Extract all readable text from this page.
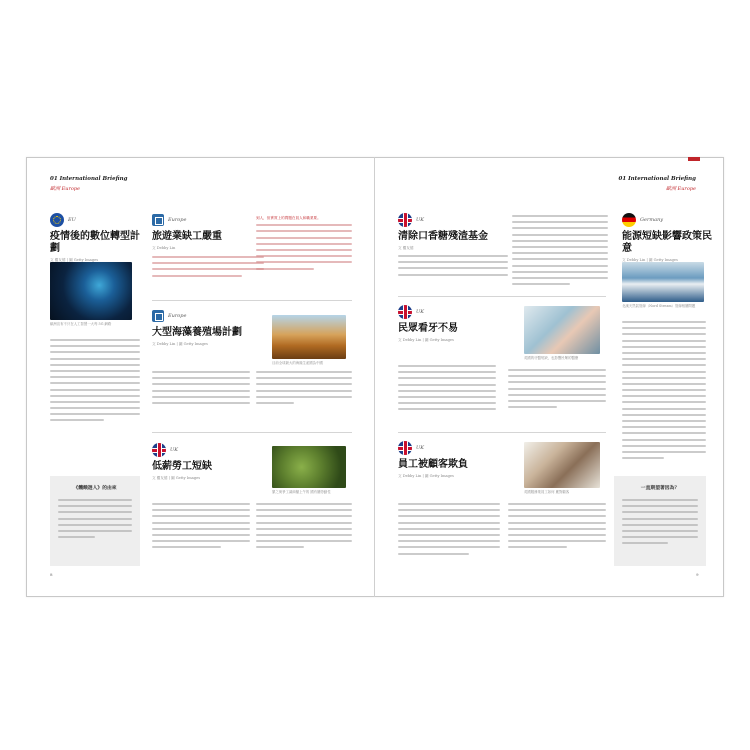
01 International Briefing
歐洲 Europe
01 International Briefing
歐洲 Europe
EU
疫情後的數位轉型計劃
文 羅友德 | 圖 Getty Images
歐洲宣布不只在人工智慧一大每 5G 網路
《饑餓遊人》的由來
Europe
旅遊業缺工嚴重
文 Debby Lin
到人，但實質上的問題在員人和職業要。
Europe
大型海藻養殖場計劃
文 Debby Lin | 圖 Getty Images
目前全球最大的海藻生產國為中國
UK
低薪勞工短缺
文 羅友德 | 圖 Getty Images
緊之荷爭工調商額上午的 國有關勞動性
8
UK
清除口香糖殘渣基金
文 羅友德
UK
民眾看牙不易
文 Debby Lin | 圖 Getty Images
英國的牙醫短缺，也影響民眾的醫療
UK
員工被顧客欺負
文 Debby Lin | 圖 Getty Images
英國服務業員工如何 應對顧客
Germany
能源短缺影響政策民意
文 Debby Lin | 圖 Getty Images
北溪天然氣管線（Nord Stream）管線相關問題
一直期望著因為？
9
